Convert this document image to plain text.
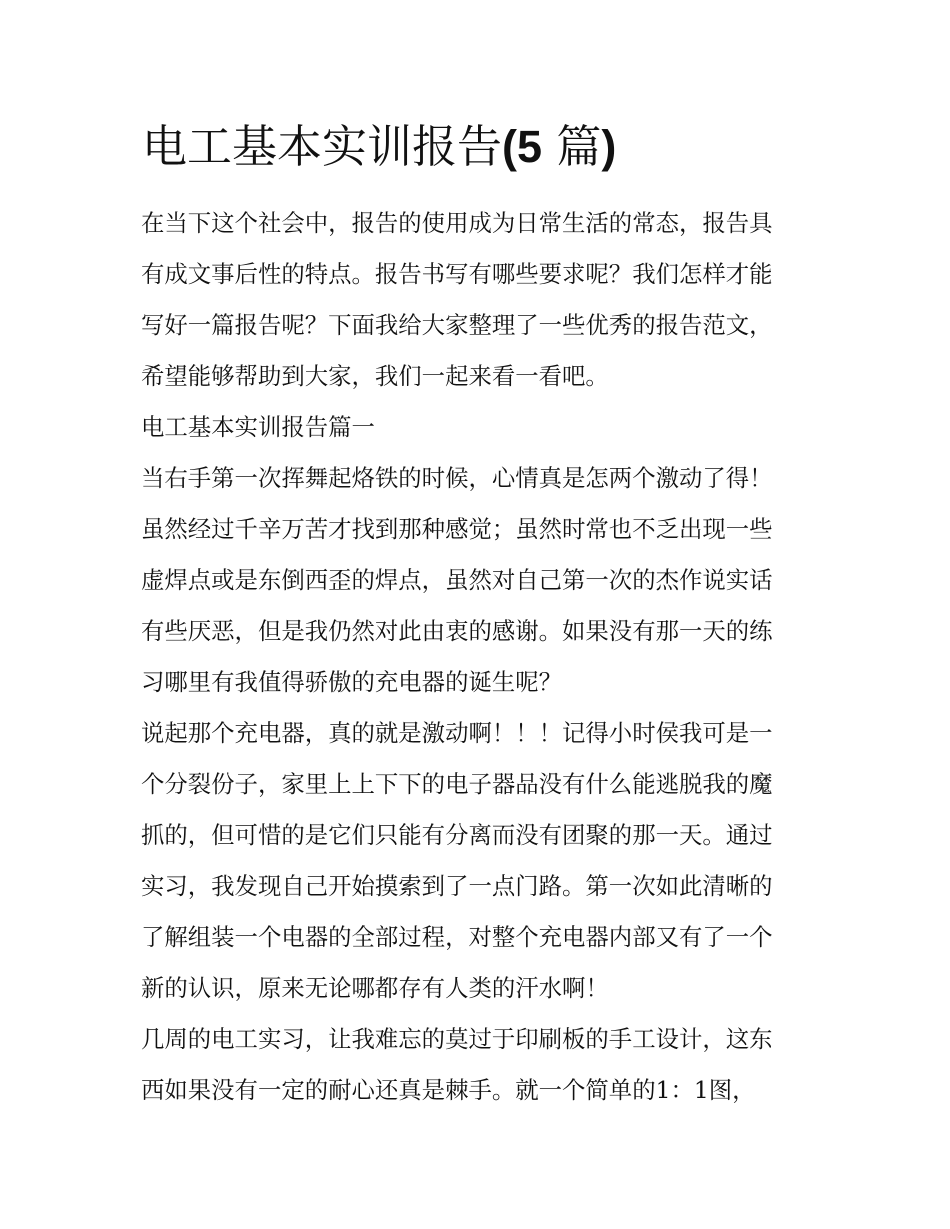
电工基本实训报告(5 篇)

在当下这个社会中，报告的使用成为日常生活的常态，报告具
有成文事后性的特点。报告书写有哪些要求呢？我们怎样才能
写好一篇报告呢？下面我给大家整理了一些优秀的报告范文，
希望能够帮助到大家，我们一起来看一看吧。

电工基本实训报告篇一

当右手第一次挥舞起烙铁的时候，心情真是怎两个激动了得！
虽然经过千辛万苦才找到那种感觉；虽然时常也不乏出现一些
虚焊点或是东倒西歪的焊点，虽然对自己第一次的杰作说实话
有些厌恶，但是我仍然对此由衷的感谢。如果没有那一天的练
习哪里有我值得骄傲的充电器的诞生呢？

说起那个充电器，真的就是激动啊！！！记得小时侯我可是一
个分裂份子，家里上上下下的电子器品没有什么能逃脱我的魔
抓的，但可惜的是它们只能有分离而没有团聚的那一天。通过
实习，我发现自己开始摸索到了一点门路。第一次如此清晰的
了解组装一个电器的全部过程，对整个充电器内部又有了一个
新的认识，原来无论哪都存有人类的汗水啊！

几周的电工实习，让我难忘的莫过于印刷板的手工设计，这东
西如果没有一定的耐心还真是棘手。就一个简单的1：1图，
